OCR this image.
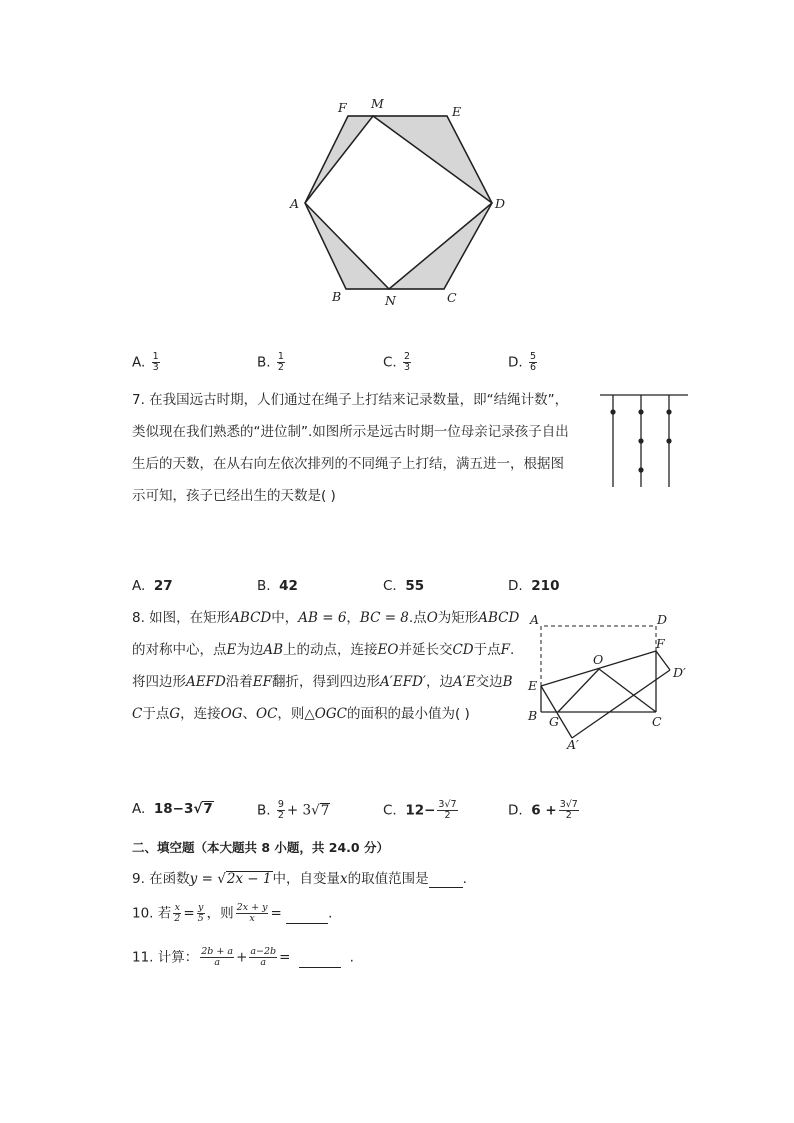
F M
E
A	D
B	N	C
A. $\frac{1}{3}$	B. $\frac{1}{2}$	C. $\frac{2}{3}$	D. $\frac{5}{6}$
7. 在我国远古时期，人们通过在绳子上打结来记录数量，即“结绳计数”，
类似现在我们熟悉的“进位制”.如图所示是远古时期一位母亲记录孩子自出
生后的天数，在从右向左依次排列的不同绳子上打结，满五进一，根据图
示可知，孩子已经出生的天数是( )
A. 27	B. 42	C. 55	D. 210
8. 如图，在矩形ABCD中，AB = 6，BC = 8.点O为矩形ABCD
的对称中心，点E为边AB上的动点，连接EO并延长交CD于点F.
将四边形AEFD沿着EF翻折，得到四边形A′EFD′，边A′E交边B
C于点G，连接OG、OC，则△OGC的面积的最小值为( )
A	D
F
O
D′
E
B G	C
A′
A. 18−3√7	B. $\frac{9}{2} + 3√7$	C. $12- \frac{3√7}{2}$	D. $6 + \frac{3√7}{2}$
二、填空题（本大题共 8 小题，共 24.0 分）
9. 在函数y = √2x − 1中，自变量x的取值范围是	.
10. 若 $\frac{x}{2} = \frac{y}{5}$ ，则 $\frac{2x + y}{x}$ =	.
11. 计算： $\frac{2b + a}{a} + \frac{a-2b}{a}$ =	.
